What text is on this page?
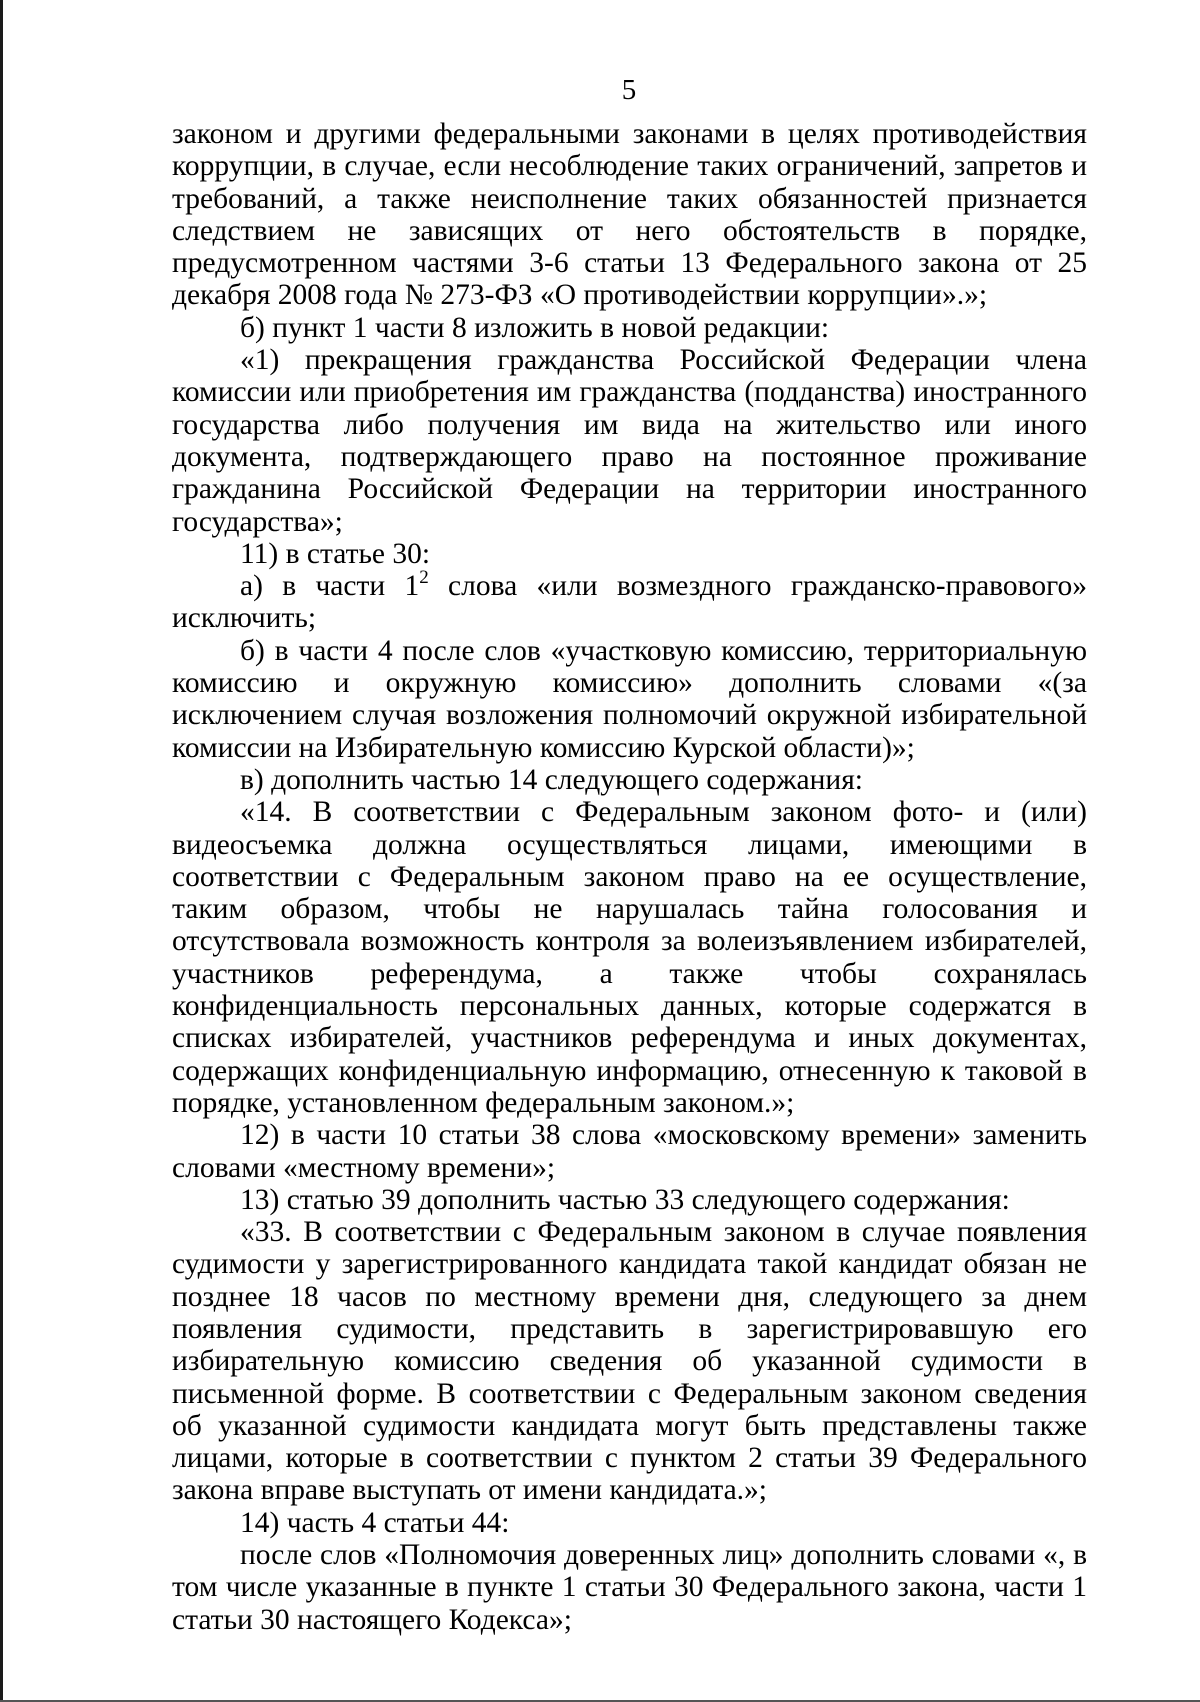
5

законом и другими федеральными законами в целях противодействия коррупции, в случае, если несоблюдение таких ограничений, запретов и требований, а также неисполнение таких обязанностей признается следствием не зависящих от него обстоятельств в порядке, предусмотренном частями 3-6 статьи 13 Федерального закона от 25 декабря 2008 года № 273-ФЗ «О противодействии коррупции».»;

б) пункт 1 части 8 изложить в новой редакции:

«1) прекращения гражданства Российской Федерации члена комиссии или приобретения им гражданства (подданства) иностранного государства либо получения им вида на жительство или иного документа, подтверждающего право на постоянное проживание гражданина Российской Федерации на территории иностранного государства»;

11) в статье 30:

а) в части $1^2$ слова «или возмездного гражданско-правового» исключить;

б) в части 4 после слов «участковую комиссию, территориальную комиссию и окружную комиссию» дополнить словами «(за исключением случая возложения полномочий окружной избирательной комиссии на Избирательную комиссию Курской области)»;

в) дополнить частью 14 следующего содержания:

«14. В соответствии с Федеральным законом фото- и (или) видеосъемка должна осуществляться лицами, имеющими в соответствии с Федеральным законом право на ее осуществление, таким образом, чтобы не нарушалась тайна голосования и отсутствовала возможность контроля за волеизъявлением избирателей, участников референдума, а также чтобы сохранялась конфиденциальность персональных данных, которые содержатся в списках избирателей, участников референдума и иных документах, содержащих конфиденциальную информацию, отнесенную к таковой в порядке, установленном федеральным законом.»;

12) в части 10 статьи 38 слова «московскому времени» заменить словами «местному времени»;

13) статью 39 дополнить частью 33 следующего содержания:

«33. В соответствии с Федеральным законом в случае появления судимости у зарегистрированного кандидата такой кандидат обязан не позднее 18 часов по местному времени дня, следующего за днем появления судимости, представить в зарегистрировавшую его избирательную комиссию сведения об указанной судимости в письменной форме. В соответствии с Федеральным законом сведения об указанной судимости кандидата могут быть представлены также лицами, которые в соответствии с пунктом 2 статьи 39 Федерального закона вправе выступать от имени кандидата.»;

14) часть 4 статьи 44:

после слов «Полномочия доверенных лиц» дополнить словами «, в том числе указанные в пункте 1 статьи 30 Федерального закона, части 1 статьи 30 настоящего Кодекса»;
